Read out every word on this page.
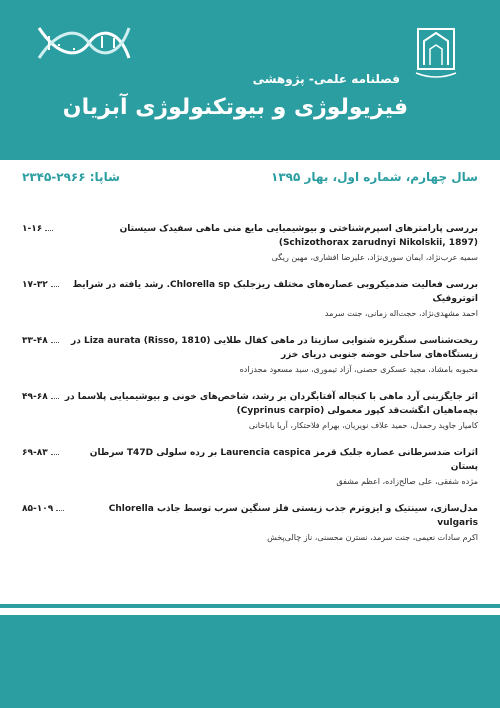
فصلنامه علمی- پژوهشی
فیزیولوژی و بیوتکنولوژی آبزیان
سال چهارم، شماره اول، بهار ۱۳۹۵
شاپا: ۲۹۶۶-۲۳۴۵
بررسی پارامترهای اسپرم‌شناختی و بیوشیمیایی مایع منی ماهی سفیدک سیستان (Schizothorax zarudnyi Nikolskii, 1897)
۱-۱۶
سمیه عرب‌نژاد، ایمان سوری‌نژاد، علیرضا افشاری، مهین ریگی
بررسی فعالیت ضدمیکروبی عصاره‌های مختلف ریزجلبک Chlorella sp. رشد یافته در شرایط اتوتروفیک
۱۷-۳۲
احمد مشهدی‌نژاد، حجت‌اله زمانی، جنت سرمد
ریخت‌شناسی سنگریزه شنوایی سازیتا در ماهی کفال طلایی (Liza aurata (Risso, 1810 در زیستگاه‌های ساحلی حوضه جنوبی دریای خزر
۳۳-۴۸
محبوبه بامشاد، مجید عسکری حصنی، آزاد تیموری، سید مسعود مجدزاده
اثر جایگزینی آرد ماهی با کنجاله آفتابگردان بر رشد، شاخص‌های خونی و بیوشیمیایی پلاسما در بچه‌ماهیان انگشت‌قد کپور معمولی (Cyprinus carpio)
۴۹-۶۸
کامیار جاوید رحمدل، حمید علاف نویریان، بهرام فلاحتکار، آریا باباخانی
اثرات ضدسرطانی عصاره جلبک قرمز Laurencia caspica بر رده سلولی T47D سرطان پستان
۶۹-۸۳
مژده شفقی، علی صالح‌زاده، اعظم مشفق
مدل‌سازی، سینتیک و ایزوترم جذب زیستی فلز سنگین سرب توسط جاذب Chlorella vulgaris
۸۵-۱۰۹
اکرم سادات نعیمی، جنت سرمد، نسترن محسنی، ناز چالی‌پخش
